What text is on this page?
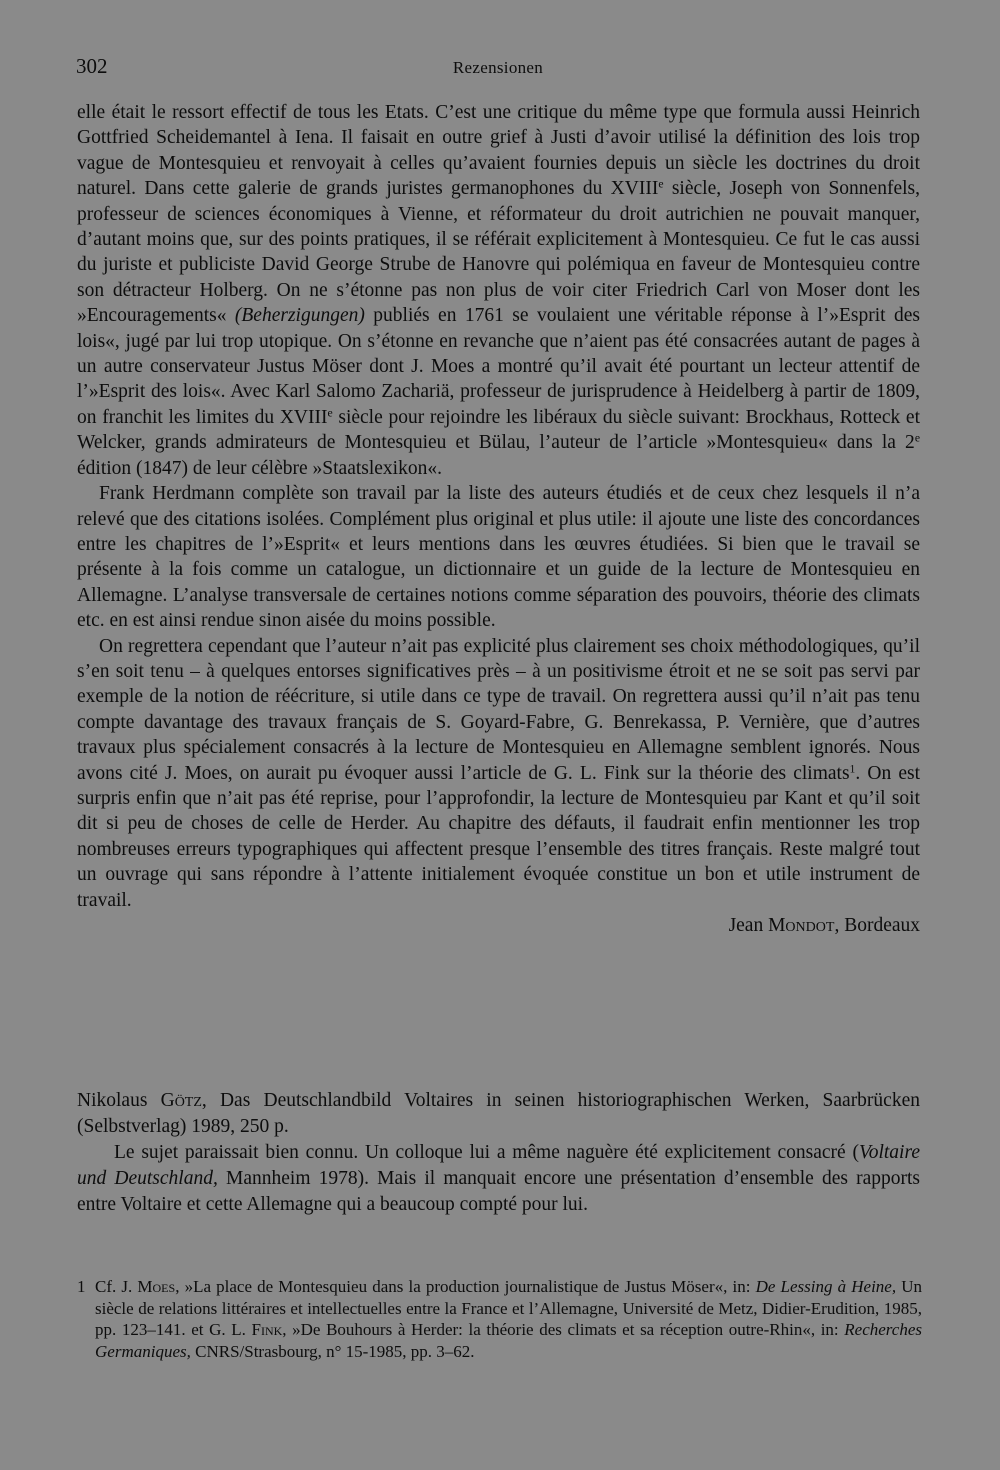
302	Rezensionen

elle était le ressort effectif de tous les Etats. C’est une critique du même type que formula aussi Heinrich Gottfried Scheidemantel à Iena. Il faisait en outre grief à Justi d’avoir utilisé la définition des lois trop vague de Montesquieu et renvoyait à celles qu’avaient fournies depuis un siècle les doctrines du droit naturel. Dans cette galerie de grands juristes germanophones du XVIIIe siècle, Joseph von Sonnenfels, professeur de sciences économiques à Vienne, et réformateur du droit autrichien ne pouvait manquer, d’autant moins que, sur des points pratiques, il se référait explicitement à Montesquieu. Ce fut le cas aussi du juriste et publiciste David George Strube de Hanovre qui polémiqua en faveur de Montesquieu contre son détracteur Holberg. On ne s’étonne pas non plus de voir citer Friedrich Carl von Moser dont les »Encouragements« (Beherzigungen) publiés en 1761 se voulaient une véritable réponse à l’»Esprit des lois«, jugé par lui trop utopique. On s’étonne en revanche que n’aient pas été consacrées autant de pages à un autre conservateur Justus Möser dont J. Moes a montré qu’il avait été pourtant un lecteur attentif de l’»Esprit des lois«. Avec Karl Salomo Zachariä, professeur de jurisprudence à Heidelberg à partir de 1809, on franchit les limites du XVIIIe siècle pour rejoindre les libéraux du siècle suivant: Brockhaus, Rotteck et Welcker, grands admirateurs de Montesquieu et Bülau, l’auteur de l’article »Montesquieu« dans la 2e édition (1847) de leur célèbre »Staatslexikon«.

Frank Herdmann complète son travail par la liste des auteurs étudiés et de ceux chez lesquels il n’a relevé que des citations isolées. Complément plus original et plus utile: il ajoute une liste des concordances entre les chapitres de l’»Esprit« et leurs mentions dans les œuvres étudiées. Si bien que le travail se présente à la fois comme un catalogue, un dictionnaire et un guide de la lecture de Montesquieu en Allemagne. L’analyse transversale de certaines notions comme séparation des pouvoirs, théorie des climats etc. en est ainsi rendue sinon aisée du moins possible.

On regrettera cependant que l’auteur n’ait pas explicité plus clairement ses choix méthodologiques, qu’il s’en soit tenu – à quelques entorses significatives près – à un positivisme étroit et ne se soit pas servi par exemple de la notion de réécriture, si utile dans ce type de travail. On regrettera aussi qu’il n’ait pas tenu compte davantage des travaux français de S. Goyard-Fabre, G. Benrekassa, P. Vernière, que d’autres travaux plus spécialement consacrés à la lecture de Montesquieu en Allemagne semblent ignorés. Nous avons cité J. Moes, on aurait pu évoquer aussi l’article de G. L. Fink sur la théorie des climats$^1$. On est surpris enfin que n’ait pas été reprise, pour l’approfondir, la lecture de Montesquieu par Kant et qu’il soit dit si peu de choses de celle de Herder. Au chapitre des défauts, il faudrait enfin mentionner les trop nombreuses erreurs typographiques qui affectent presque l’ensemble des titres français. Reste malgré tout un ouvrage qui sans répondre à l’attente initialement évoquée constitue un bon et utile instrument de travail.

Jean Mondot, Bordeaux

Nikolaus Götz, Das Deutschlandbild Voltaires in seinen historiographischen Werken, Saarbrücken (Selbstverlag) 1989, 250 p.

Le sujet paraissait bien connu. Un colloque lui a même naguère été explicitement consacré (Voltaire und Deutschland, Mannheim 1978). Mais il manquait encore une présentation d’ensemble des rapports entre Voltaire et cette Allemagne qui a beaucoup compté pour lui.

1 Cf. J. Moes, »La place de Montesquieu dans la production journalistique de Justus Möser«, in: De Lessing à Heine, Un siècle de relations littéraires et intellectuelles entre la France et l’Allemagne, Université de Metz, Didier-Erudition, 1985, pp. 123–141. et G. L. Fink, »De Bouhours à Herder: la théorie des climats et sa réception outre-Rhin«, in: Recherches Germaniques, CNRS/Strasbourg, n° 15-1985, pp. 3–62.
